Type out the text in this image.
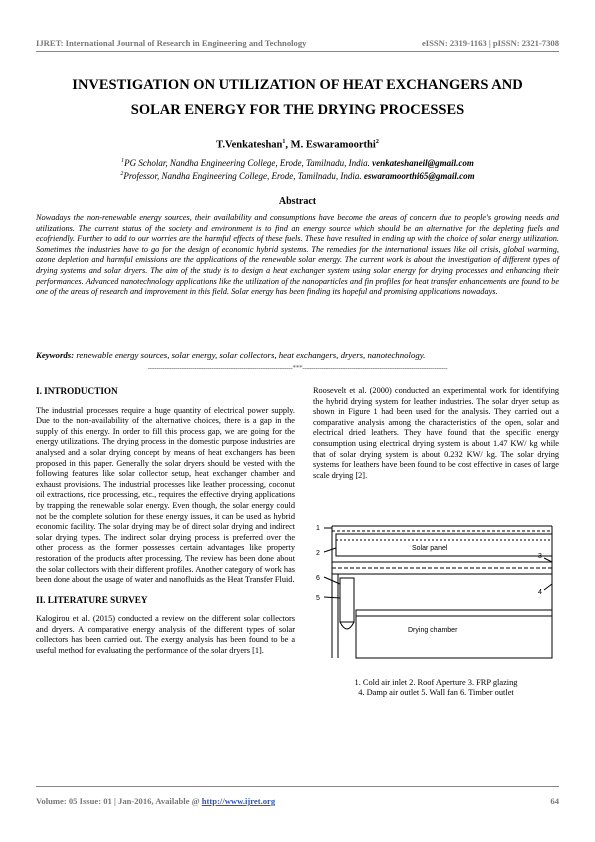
IJRET: International Journal of Research in Engineering and Technology	eISSN: 2319-1163 | pISSN: 2321-7308
INVESTIGATION ON UTILIZATION OF HEAT EXCHANGERS AND
SOLAR ENERGY FOR THE DRYING PROCESSES
T.Venkateshan$^1$, M. Eswaramoorthi$^2$
$^1$PG Scholar, Nandha Engineering College, Erode, Tamilnadu, India. venkateshaneil@gmail.com
$^2$Professor, Nandha Engineering College, Erode, Tamilnadu, India. eswaramoorthi65@gmail.com
Abstract
Nowadays the non-renewable energy sources, their availability and consumptions have become the areas of concern due to people's growing needs and utilizations. The current status of the society and environment is to find an energy source which should be an alternative for the depleting fuels and ecofriendly. Further to add to our worries are the harmful effects of these fuels. These have resulted in ending up with the choice of solar energy utilization. Sometimes the industries have to go for the design of economic hybrid systems. The remedies for the international issues like oil crisis, global warming, ozone depletion and harmful emissions are the applications of the renewable solar energy. The current work is about the investigation of different types of drying systems and solar dryers. The aim of the study is to design a heat exchanger system using solar energy for drying processes and enhancing their performances. Advanced nanotechnology applications like the utilization of the nanoparticles and fin profiles for heat transfer enhancements are found to be one of the areas of research and improvement in this field. Solar energy has been finding its hopeful and promising applications nowadays.
Keywords: renewable energy sources, solar energy, solar collectors, heat exchangers, dryers, nanotechnology.
--------------------------------------------------------------------***--------------------------------------------------------------------
I. INTRODUCTION

The industrial processes require a huge quantity of electrical power supply. Due to the non-availability of the alternative choices, there is a gap in the supply of this energy. In order to fill this process gap, we are going for the energy utilizations. The drying process in the domestic purpose industries are analysed and a solar drying concept by means of heat exchangers has been proposed in this paper. Generally the solar dryers should be vested with the following features like solar collector setup, heat exchanger chamber and exhaust provisions. The industrial processes like leather processing, coconut oil extractions, rice processing, etc., requires the effective drying applications by trapping the renewable solar energy. Even though, the solar energy could not be the complete solution for these energy issues, it can be used as hybrid economic facility. The solar drying may be of direct solar drying and indirect solar drying types. The indirect solar drying process is preferred over the other process as the former possesses certain advantages like property restoration of the products after processing. The review has been done about the solar collectors with their different profiles. Another category of work has been done about the usage of water and nanofluids as the Heat Transfer Fluid.

II. LITERATURE SURVEY

Kalogirou et al. (2015) conducted a review on the different solar collectors and dryers. A comparative energy analysis of the different types of solar collectors has been carried out. The exergy analysis has been found to be a useful method for evaluating the performance of the solar dryers [1].

Roosevelt et al. (2000) conducted an experimental work for identifying the hybrid drying system for leather industries. The solar dryer setup as shown in Figure 1 had been used for the analysis. They carried out a comparative analysis among the characteristics of the open, solar and electrical dried leathers. They have found that the specific energy consumption using electrical drying system is about 1.47 KW/ kg while that of solar drying system is about 0.232 KW/ kg. The solar drying systems for leathers have been found to be cost effective in cases of large scale drying [2].

1
2	3
6
5
4
Solar panel
Drying chamber
1. Cold air inlet 2. Roof Aperture 3. FRP glazing
4. Damp air outlet 5. Wall fan 6. Timber outlet
Volume: 05 Issue: 01 | Jan-2016, Available @ http://www.ijret.org	64
